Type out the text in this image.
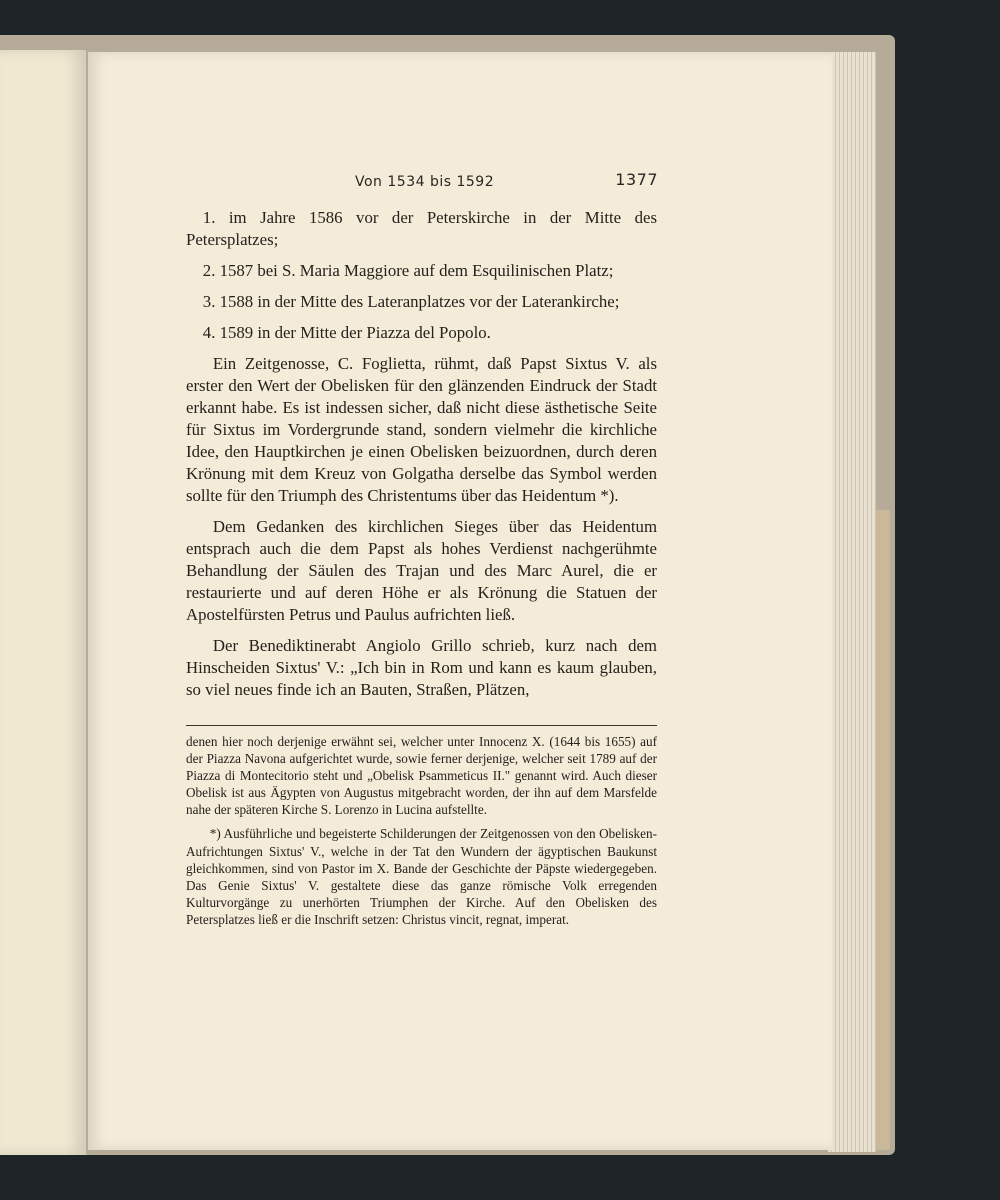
Von 1534 bis 1592	1377

1. im Jahre 1586 vor der Peterskirche in der Mitte des Petersplatzes;

2. 1587 bei S. Maria Maggiore auf dem Esquilinischen Platz;

3. 1588 in der Mitte des Lateranplatzes vor der Laterankirche;

4. 1589 in der Mitte der Piazza del Popolo.

Ein Zeitgenosse, C. Foglietta, rühmt, daß Papst Sixtus V. als erster den Wert der Obelisken für den glänzenden Eindruck der Stadt erkannt habe. Es ist indessen sicher, daß nicht diese ästhetische Seite für Sixtus im Vordergrunde stand, sondern vielmehr die kirchliche Idee, den Hauptkirchen je einen Obelisken beizuordnen, durch deren Krönung mit dem Kreuz von Golgatha derselbe das Symbol werden sollte für den Triumph des Christentums über das Heidentum *).

Dem Gedanken des kirchlichen Sieges über das Heidentum entsprach auch die dem Papst als hohes Verdienst nachgerühmte Behandlung der Säulen des Trajan und des Marc Aurel, die er restaurierte und auf deren Höhe er als Krönung die Statuen der Apostelfürsten Petrus und Paulus aufrichten ließ.

Der Benediktinerabt Angiolo Grillo schrieb, kurz nach dem Hinscheiden Sixtus' V.: „Ich bin in Rom und kann es kaum glauben, so viel neues finde ich an Bauten, Straßen, Plätzen,

denen hier noch derjenige erwähnt sei, welcher unter Innocenz X. (1644 bis 1655) auf der Piazza Navona aufgerichtet wurde, sowie ferner derjenige, welcher seit 1789 auf der Piazza di Montecitorio steht und „Obelisk Psammeticus II." genannt wird. Auch dieser Obelisk ist aus Ägypten von Augustus mitgebracht worden, der ihn auf dem Marsfelde nahe der späteren Kirche S. Lorenzo in Lucina aufstellte.

*) Ausführliche und begeisterte Schilderungen der Zeitgenossen von den Obelisken-Aufrichtungen Sixtus' V., welche in der Tat den Wundern der ägyptischen Baukunst gleichkommen, sind von Pastor im X. Bande der Geschichte der Päpste wiedergegeben. Das Genie Sixtus' V. gestaltete diese das ganze römische Volk erregenden Kulturvorgänge zu unerhörten Triumphen der Kirche. Auf den Obelisken des Petersplatzes ließ er die Inschrift setzen: Christus vincit, regnat, imperat.
